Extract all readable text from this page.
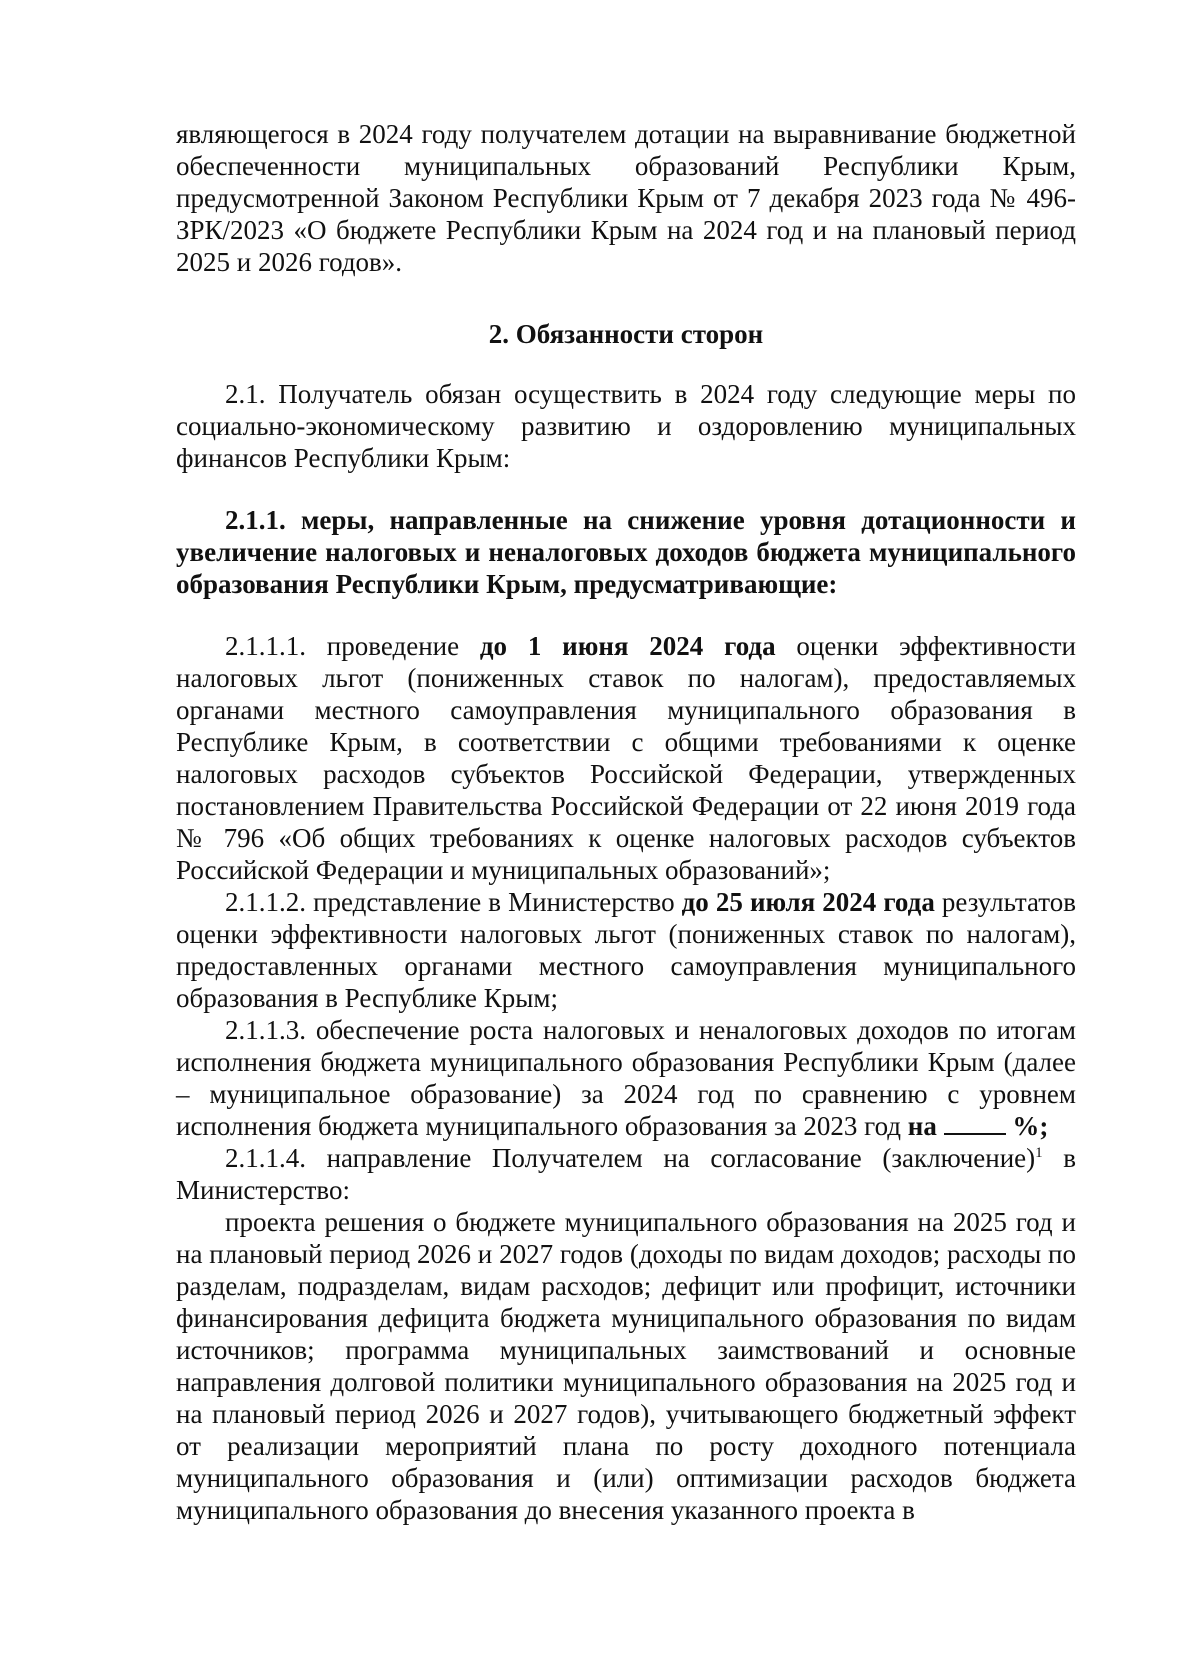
являющегося в 2024 году получателем дотации на выравнивание бюджетной обеспеченности муниципальных образований Республики Крым, предусмотренной Законом Республики Крым от 7 декабря 2023 года № 496-ЗРК/2023 «О бюджете Республики Крым на 2024 год и на плановый период 2025 и 2026 годов».

2. Обязанности сторон

2.1. Получатель обязан осуществить в 2024 году следующие меры по социально-экономическому развитию и оздоровлению муниципальных финансов Республики Крым:

2.1.1. меры, направленные на снижение уровня дотационности и увеличение налоговых и неналоговых доходов бюджета муниципального образования Республики Крым, предусматривающие:

2.1.1.1. проведение до 1 июня 2024 года оценки эффективности налоговых льгот (пониженных ставок по налогам), предоставляемых органами местного самоуправления муниципального образования в Республике Крым, в соответствии с общими требованиями к оценке налоговых расходов субъектов Российской Федерации, утвержденных постановлением Правительства Российской Федерации от 22 июня 2019 года № 796 «Об общих требованиях к оценке налоговых расходов субъектов Российской Федерации и муниципальных образований»;

2.1.1.2. представление в Министерство до 25 июля 2024 года результатов оценки эффективности налоговых льгот (пониженных ставок по налогам), предоставленных органами местного самоуправления муниципального образования в Республике Крым;

2.1.1.3. обеспечение роста налоговых и неналоговых доходов по итогам исполнения бюджета муниципального образования Республики Крым (далее – муниципальное образование) за 2024 год по сравнению с уровнем исполнения бюджета муниципального образования за 2023 год на	%;

2.1.1.4. направление Получателем на согласование (заключение)$^1$ в Министерство:

проекта решения о бюджете муниципального образования на 2025 год и на плановый период 2026 и 2027 годов (доходы по видам доходов; расходы по разделам, подразделам, видам расходов; дефицит или профицит, источники финансирования дефицита бюджета муниципального образования по видам источников; программа муниципальных заимствований и основные направления долговой политики муниципального образования на 2025 год и на плановый период 2026 и 2027 годов), учитывающего бюджетный эффект от реализации мероприятий плана по росту доходного потенциала муниципального образования и (или) оптимизации расходов бюджета муниципального образования до внесения указанного проекта в
